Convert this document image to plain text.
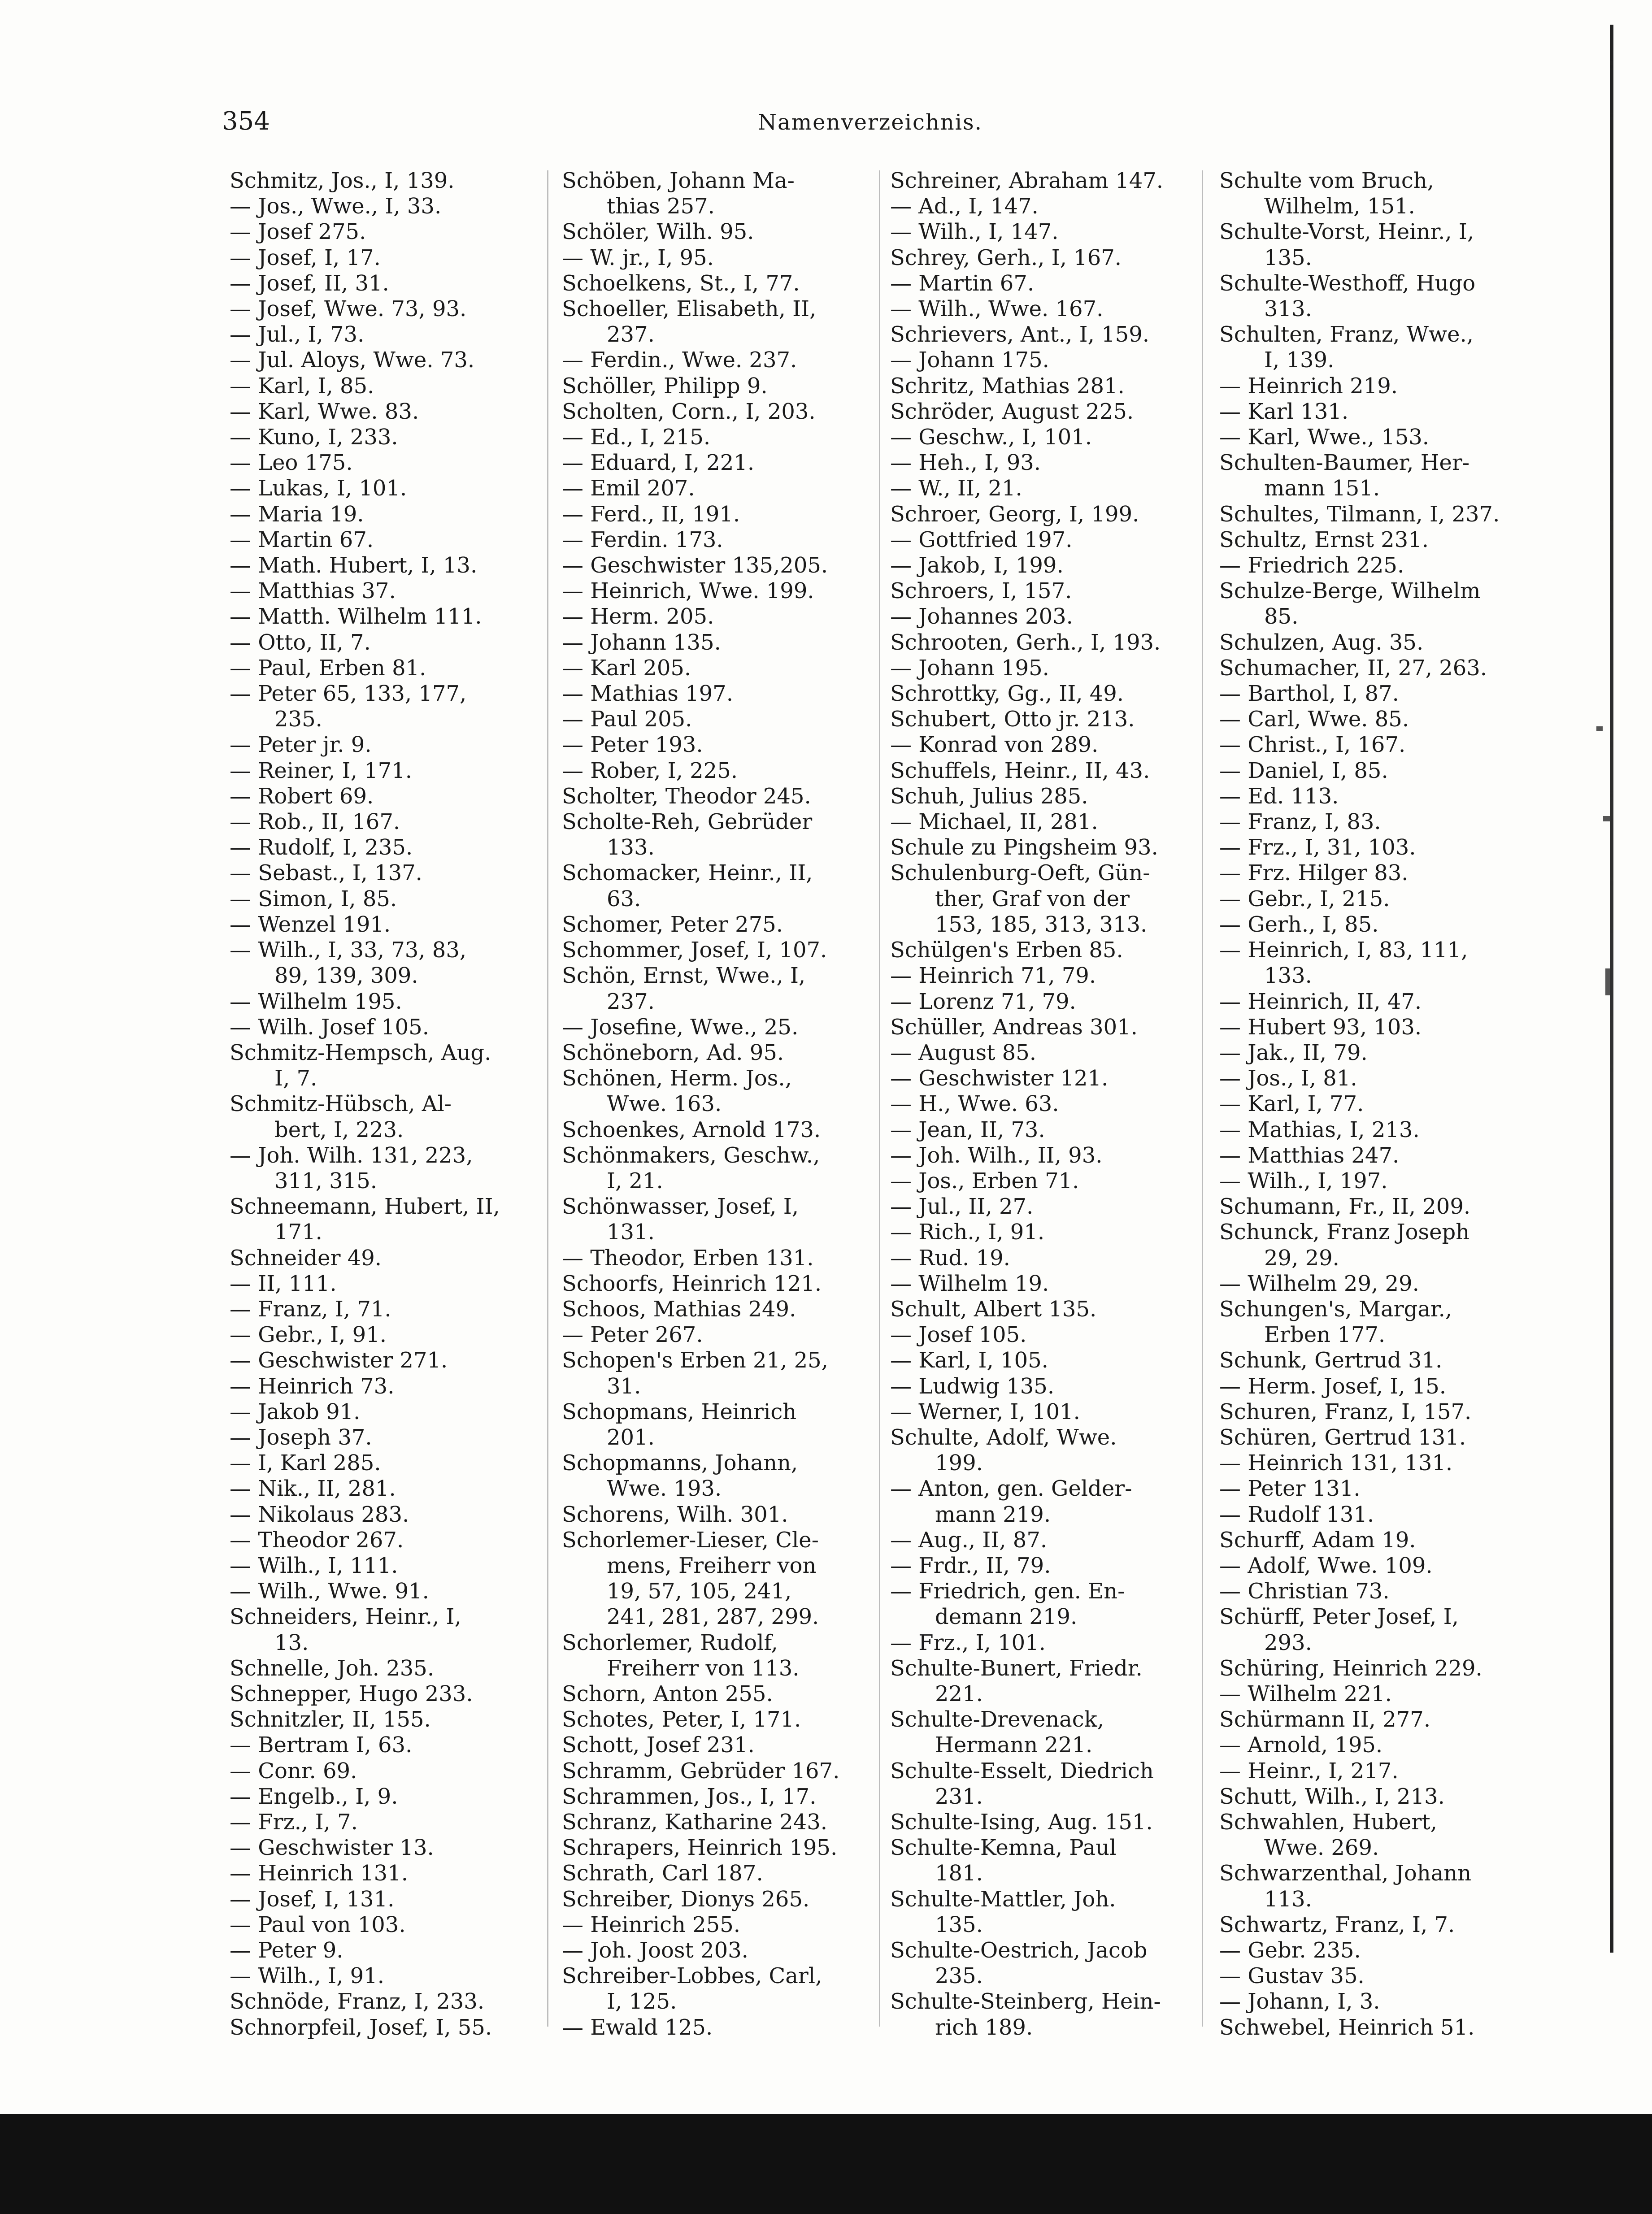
354	Namenverzeichnis.
Schmitz, Jos., I, 139.
— Jos., Wwe., I, 33.
— Josef 275.
— Josef, I, 17.
— Josef, II, 31.
— Josef, Wwe. 73, 93.
— Jul., I, 73.
— Jul. Aloys, Wwe. 73.
— Karl, I, 85.
— Karl, Wwe. 83.
— Kuno, I, 233.
— Leo 175.
— Lukas, I, 101.
— Maria 19.
— Martin 67.
— Math. Hubert, I, 13.
— Matthias 37.
— Matth. Wilhelm 111.
— Otto, II, 7.
— Paul, Erben 81.
— Peter 65, 133, 177,
235.
— Peter jr. 9.
— Reiner, I, 171.
— Robert 69.
— Rob., II, 167.
— Rudolf, I, 235.
— Sebast., I, 137.
— Simon, I, 85.
— Wenzel 191.
— Wilh., I, 33, 73, 83,
89, 139, 309.
— Wilhelm 195.
— Wilh. Josef 105.
Schmitz-Hempsch, Aug.
I, 7.
Schmitz-Hübsch, Al-
bert, I, 223.
— Joh. Wilh. 131, 223,
311, 315.
Schneemann, Hubert, II,
171.
Schneider 49.
— II, 111.
— Franz, I, 71.
— Gebr., I, 91.
— Geschwister 271.
— Heinrich 73.
— Jakob 91.
— Joseph 37.
— I, Karl 285.
— Nik., II, 281.
— Nikolaus 283.
— Theodor 267.
— Wilh., I, 111.
— Wilh., Wwe. 91.
Schneiders, Heinr., I,
13.
Schnelle, Joh. 235.
Schnepper, Hugo 233.
Schnitzler, II, 155.
— Bertram I, 63.
— Conr. 69.
— Engelb., I, 9.
— Frz., I, 7.
— Geschwister 13.
— Heinrich 131.
— Josef, I, 131.
— Paul von 103.
— Peter 9.
— Wilh., I, 91.
Schnöde, Franz, I, 233.
Schnorpfeil, Josef, I, 55.
Schöben, Johann Ma-
thias 257.
Schöler, Wilh. 95.
— W. jr., I, 95.
Schoelkens, St., I, 77.
Schoeller, Elisabeth, II,
237.
— Ferdin., Wwe. 237.
Schöller, Philipp 9.
Scholten, Corn., I, 203.
— Ed., I, 215.
— Eduard, I, 221.
— Emil 207.
— Ferd., II, 191.
— Ferdin. 173.
— Geschwister 135,205.
— Heinrich, Wwe. 199.
— Herm. 205.
— Johann 135.
— Karl 205.
— Mathias 197.
— Paul 205.
— Peter 193.
— Rober, I, 225.
Scholter, Theodor 245.
Scholte-Reh, Gebrüder
133.
Schomacker, Heinr., II,
63.
Schomer, Peter 275.
Schommer, Josef, I, 107.
Schön, Ernst, Wwe., I,
237.
— Josefine, Wwe., 25.
Schöneborn, Ad. 95.
Schönen, Herm. Jos.,
Wwe. 163.
Schoenkes, Arnold 173.
Schönmakers, Geschw.,
I, 21.
Schönwasser, Josef, I,
131.
— Theodor, Erben 131.
Schoorfs, Heinrich 121.
Schoos, Mathias 249.
— Peter 267.
Schopen's Erben 21, 25,
31.
Schopmans, Heinrich
201.
Schopmanns, Johann,
Wwe. 193.
Schorens, Wilh. 301.
Schorlemer-Lieser, Cle-
mens, Freiherr von
19, 57, 105, 241,
241, 281, 287, 299.
Schorlemer, Rudolf,
Freiherr von 113.
Schorn, Anton 255.
Schotes, Peter, I, 171.
Schott, Josef 231.
Schramm, Gebrüder 167.
Schrammen, Jos., I, 17.
Schranz, Katharine 243.
Schrapers, Heinrich 195.
Schrath, Carl 187.
Schreiber, Dionys 265.
— Heinrich 255.
— Joh. Joost 203.
Schreiber-Lobbes, Carl,
I, 125.
— Ewald 125.
Schreiner, Abraham 147.
— Ad., I, 147.
— Wilh., I, 147.
Schrey, Gerh., I, 167.
— Martin 67.
— Wilh., Wwe. 167.
Schrievers, Ant., I, 159.
— Johann 175.
Schritz, Mathias 281.
Schröder, August 225.
— Geschw., I, 101.
— Heh., I, 93.
— W., II, 21.
Schroer, Georg, I, 199.
— Gottfried 197.
— Jakob, I, 199.
Schroers, I, 157.
— Johannes 203.
Schrooten, Gerh., I, 193.
— Johann 195.
Schrottky, Gg., II, 49.
Schubert, Otto jr. 213.
— Konrad von 289.
Schuffels, Heinr., II, 43.
Schuh, Julius 285.
— Michael, II, 281.
Schule zu Pingsheim 93.
Schulenburg-Oeft, Gün-
ther, Graf von der
153, 185, 313, 313.
Schülgen's Erben 85.
— Heinrich 71, 79.
— Lorenz 71, 79.
Schüller, Andreas 301.
— August 85.
— Geschwister 121.
— H., Wwe. 63.
— Jean, II, 73.
— Joh. Wilh., II, 93.
— Jos., Erben 71.
— Jul., II, 27.
— Rich., I, 91.
— Rud. 19.
— Wilhelm 19.
Schult, Albert 135.
— Josef 105.
— Karl, I, 105.
— Ludwig 135.
— Werner, I, 101.
Schulte, Adolf, Wwe.
199.
— Anton, gen. Gelder-
mann 219.
— Aug., II, 87.
— Frdr., II, 79.
— Friedrich, gen. En-
demann 219.
— Frz., I, 101.
Schulte-Bunert, Friedr.
221.
Schulte-Drevenack,
Hermann 221.
Schulte-Esselt, Diedrich
231.
Schulte-Ising, Aug. 151.
Schulte-Kemna, Paul
181.
Schulte-Mattler, Joh.
135.
Schulte-Oestrich, Jacob
235.
Schulte-Steinberg, Hein-
rich 189.
Schulte vom Bruch,
Wilhelm, 151.
Schulte-Vorst, Heinr., I,
135.
Schulte-Westhoff, Hugo
313.
Schulten, Franz, Wwe.,
I, 139.
— Heinrich 219.
— Karl 131.
— Karl, Wwe., 153.
Schulten-Baumer, Her-
mann 151.
Schultes, Tilmann, I, 237.
Schultz, Ernst 231.
— Friedrich 225.
Schulze-Berge, Wilhelm
85.
Schulzen, Aug. 35.
Schumacher, II, 27, 263.
— Barthol, I, 87.
— Carl, Wwe. 85.
— Christ., I, 167.
— Daniel, I, 85.
— Ed. 113.
— Franz, I, 83.
— Frz., I, 31, 103.
— Frz. Hilger 83.
— Gebr., I, 215.
— Gerh., I, 85.
— Heinrich, I, 83, 111,
133.
— Heinrich, II, 47.
— Hubert 93, 103.
— Jak., II, 79.
— Jos., I, 81.
— Karl, I, 77.
— Mathias, I, 213.
— Matthias 247.
— Wilh., I, 197.
Schumann, Fr., II, 209.
Schunck, Franz Joseph
29, 29.
— Wilhelm 29, 29.
Schungen's, Margar.,
Erben 177.
Schunk, Gertrud 31.
— Herm. Josef, I, 15.
Schuren, Franz, I, 157.
Schüren, Gertrud 131.
— Heinrich 131, 131.
— Peter 131.
— Rudolf 131.
Schurff, Adam 19.
— Adolf, Wwe. 109.
— Christian 73.
Schürff, Peter Josef, I,
293.
Schüring, Heinrich 229.
— Wilhelm 221.
Schürmann II, 277.
— Arnold, 195.
— Heinr., I, 217.
Schutt, Wilh., I, 213.
Schwahlen, Hubert,
Wwe. 269.
Schwarzenthal, Johann
113.
Schwartz, Franz, I, 7.
— Gebr. 235.
— Gustav 35.
— Johann, I, 3.
Schwebel, Heinrich 51.
